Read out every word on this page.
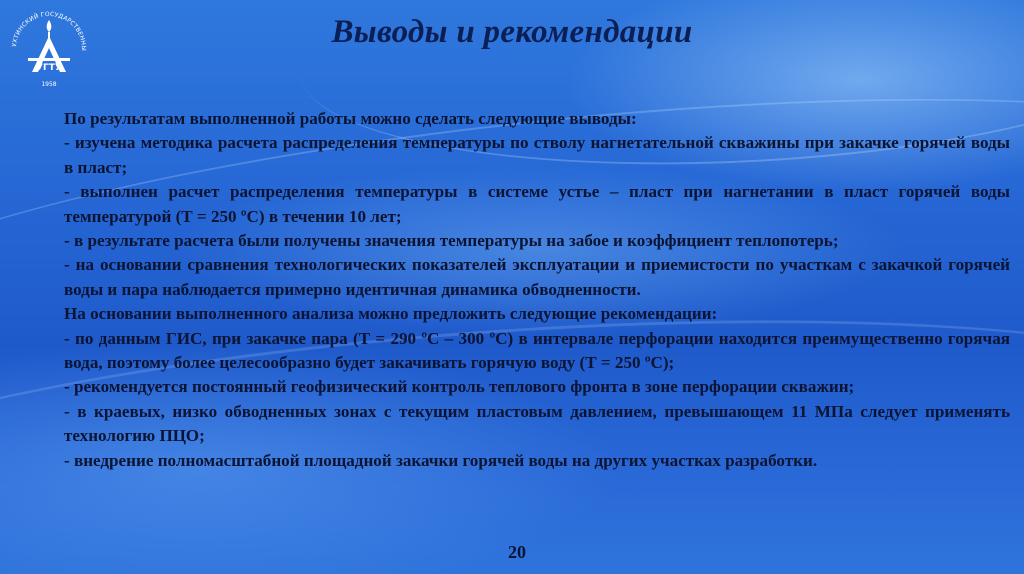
УХТИНСКИЙ ГОСУДАРСТВЕННЫ
УГТУ
1958
Выводы и рекомендации

По результатам выполненной работы можно сделать следующие выводы:

- изучена методика расчета распределения температуры по стволу нагнетательной скважины при закачке горячей воды в пласт;

- выполнен расчет распределения температуры в системе устье – пласт при нагнетании в пласт горячей воды температурой (Т = 250 ºС) в течении 10 лет;

- в результате расчета были получены значения температуры на забое и коэффициент теплопотерь;

- на основании сравнения технологических показателей эксплуатации и приемистости по участкам с закачкой горячей воды и пара наблюдается примерно идентичная динамика обводненности.

На основании выполненного анализа можно предложить следующие рекомендации:

- по данным ГИС, при закачке пара (Т = 290 ºС – 300 ºС) в интервале перфорации находится преимущественно горячая вода, поэтому более целесообразно будет закачивать горячую воду (Т = 250 ºС);

- рекомендуется постоянный геофизический контроль теплового фронта в зоне перфорации скважин;

- в краевых, низко обводненных зонах с текущим пластовым давлением, превышающем 11 МПа следует применять технологию ПЦО;

- внедрение полномасштабной площадной закачки горячей воды на других участках разработки.

20
